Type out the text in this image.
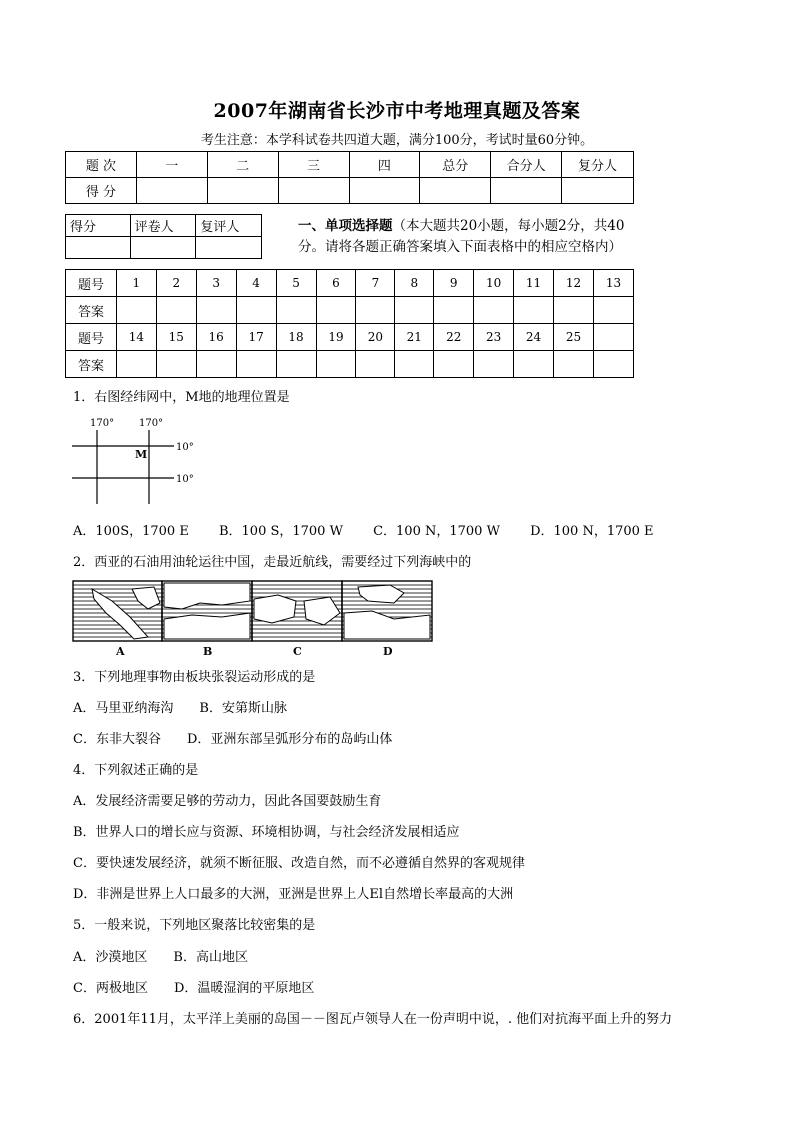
2007年湖南省长沙市中考地理真题及答案
考生注意：本学科试卷共四道大题，满分100分，考试时量60分钟。
题 次	一	二	三	四	总分	合分人	复分人
得 分							
得分	评卷人	复评人
			一、单项选择题（本大题共20小题，每小题2分，共40分。请将各题正确答案填入下面表格中的相应空格内）
题号	1	2	3	4	5	6	7	8	9	10	11	12	13
答案													
题号	14	15	16	17	18	19	20	21	22	23	24	25	
答案													
1．右图经纬网中，M地的地理位置是
170° 170°
10°
10°
M
A．100S，1700 E B．100 S，1700 W C．100 N，1700 W D．100 N，1700 E
2．西亚的石油用油轮运往中国，走最近航线，需要经过下列海峡中的
A	B	C	D
3．下列地理事物由板块张裂运动形成的是
A．马里亚纳海沟 B．安第斯山脉
C．东非大裂谷 D．亚洲东部呈弧形分布的岛屿山体
4．下列叙述正确的是
A．发展经济需要足够的劳动力，因此各国要鼓励生育
B．世界人口的增长应与资源、环境相协调，与社会经济发展相适应
C．要快速发展经济，就须不断征服、改造自然，而不必遵循自然界的客观规律
D．非洲是世界上人口最多的大洲，亚洲是世界上人El自然增长率最高的大洲
5．一般来说，下列地区聚落比较密集的是
A．沙漠地区 B．高山地区
C．两极地区 D．温暖湿润的平原地区
6．2001年11月，太平洋上美丽的岛国－－图瓦卢领导人在一份声明中说，. 他们对抗海平面上升的努力
